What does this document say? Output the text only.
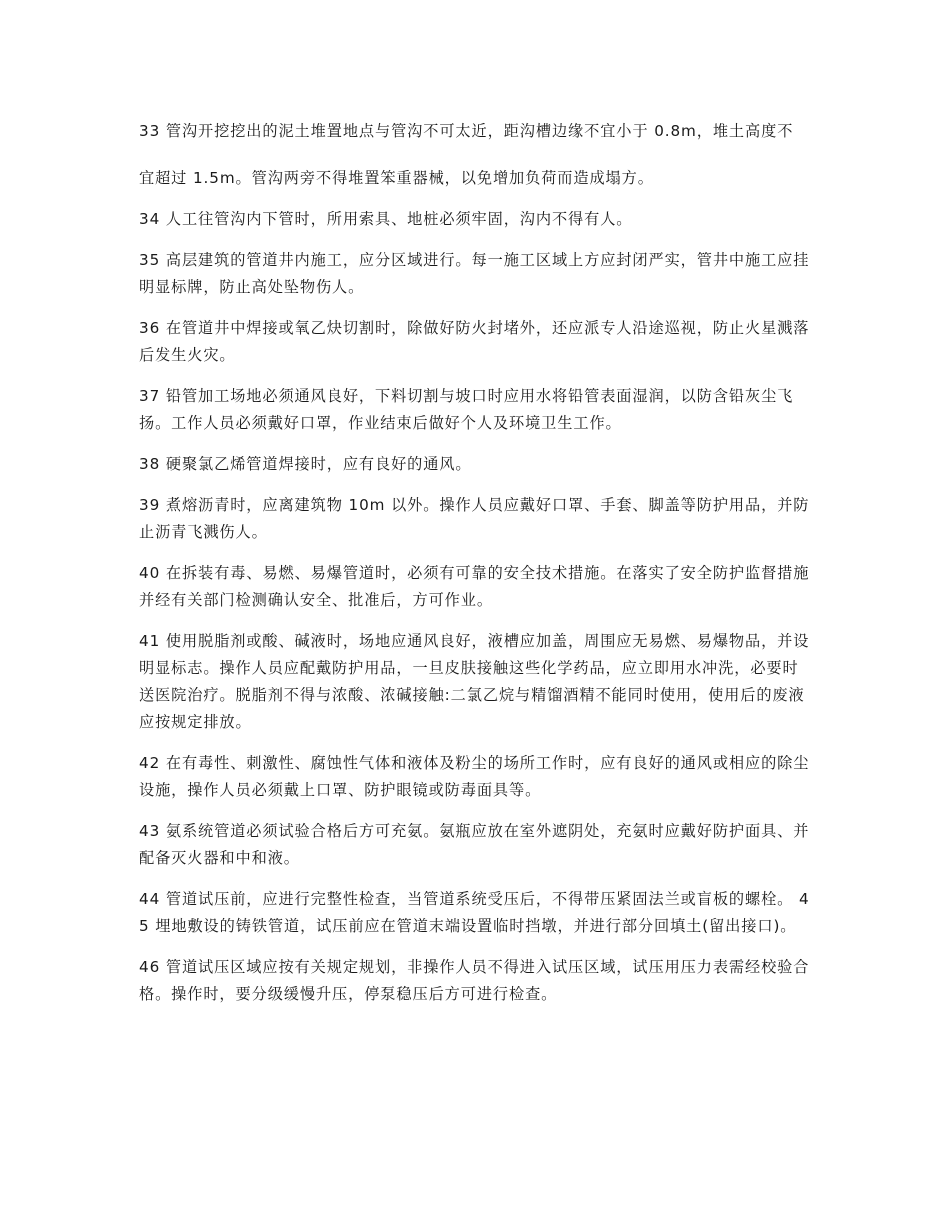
33 管沟开挖挖出的泥土堆置地点与管沟不可太近，距沟槽边缘不宜小于 0.8m，堆土高度不

宜超过 1.5m。管沟两旁不得堆置笨重器械，以免增加负荷而造成塌方。

34 人工往管沟内下管时，所用索具、地桩必须牢固，沟内不得有人。

35 高层建筑的管道井内施工，应分区域进行。每一施工区域上方应封闭严实，管井中施工应挂明显标牌，防止高处坠物伤人。

36 在管道井中焊接或氧乙炔切割时，除做好防火封堵外，还应派专人沿途巡视，防止火星溅落后发生火灾。

37 铅管加工场地必须通风良好，下料切割与坡口时应用水将铅管表面湿润，以防含铅灰尘飞扬。工作人员必须戴好口罩，作业结束后做好个人及环境卫生工作。

38 硬聚氯乙烯管道焊接时，应有良好的通风。

39 煮熔沥青时，应离建筑物 10m 以外。操作人员应戴好口罩、手套、脚盖等防护用品，并防止沥青飞溅伤人。

40 在拆装有毒、易燃、易爆管道时，必须有可靠的安全技术措施。在落实了安全防护监督措施并经有关部门检测确认安全、批准后，方可作业。

41 使用脱脂剂或酸、碱液时，场地应通风良好，液槽应加盖，周围应无易燃、易爆物品，并设明显标志。操作人员应配戴防护用品，一旦皮肤接触这些化学药品，应立即用水冲洗，必要时送医院治疗。脱脂剂不得与浓酸、浓碱接触:二氯乙烷与精馏酒精不能同时使用，使用后的废液应按规定排放。

42 在有毒性、刺激性、腐蚀性气体和液体及粉尘的场所工作时，应有良好的通风或相应的除尘设施，操作人员必须戴上口罩、防护眼镜或防毒面具等。

43 氨系统管道必须试验合格后方可充氨。氨瓶应放在室外遮阴处，充氨时应戴好防护面具、并配备灭火器和中和液。

44 管道试压前，应进行完整性检查，当管道系统受压后，不得带压紧固法兰或盲板的螺栓。 45 埋地敷设的铸铁管道，试压前应在管道末端设置临时挡墩，并进行部分回填土(留出接口)。

46 管道试压区域应按有关规定规划，非操作人员不得进入试压区域，试压用压力表需经校验合格。操作时，要分级缓慢升压，停泵稳压后方可进行检查。
